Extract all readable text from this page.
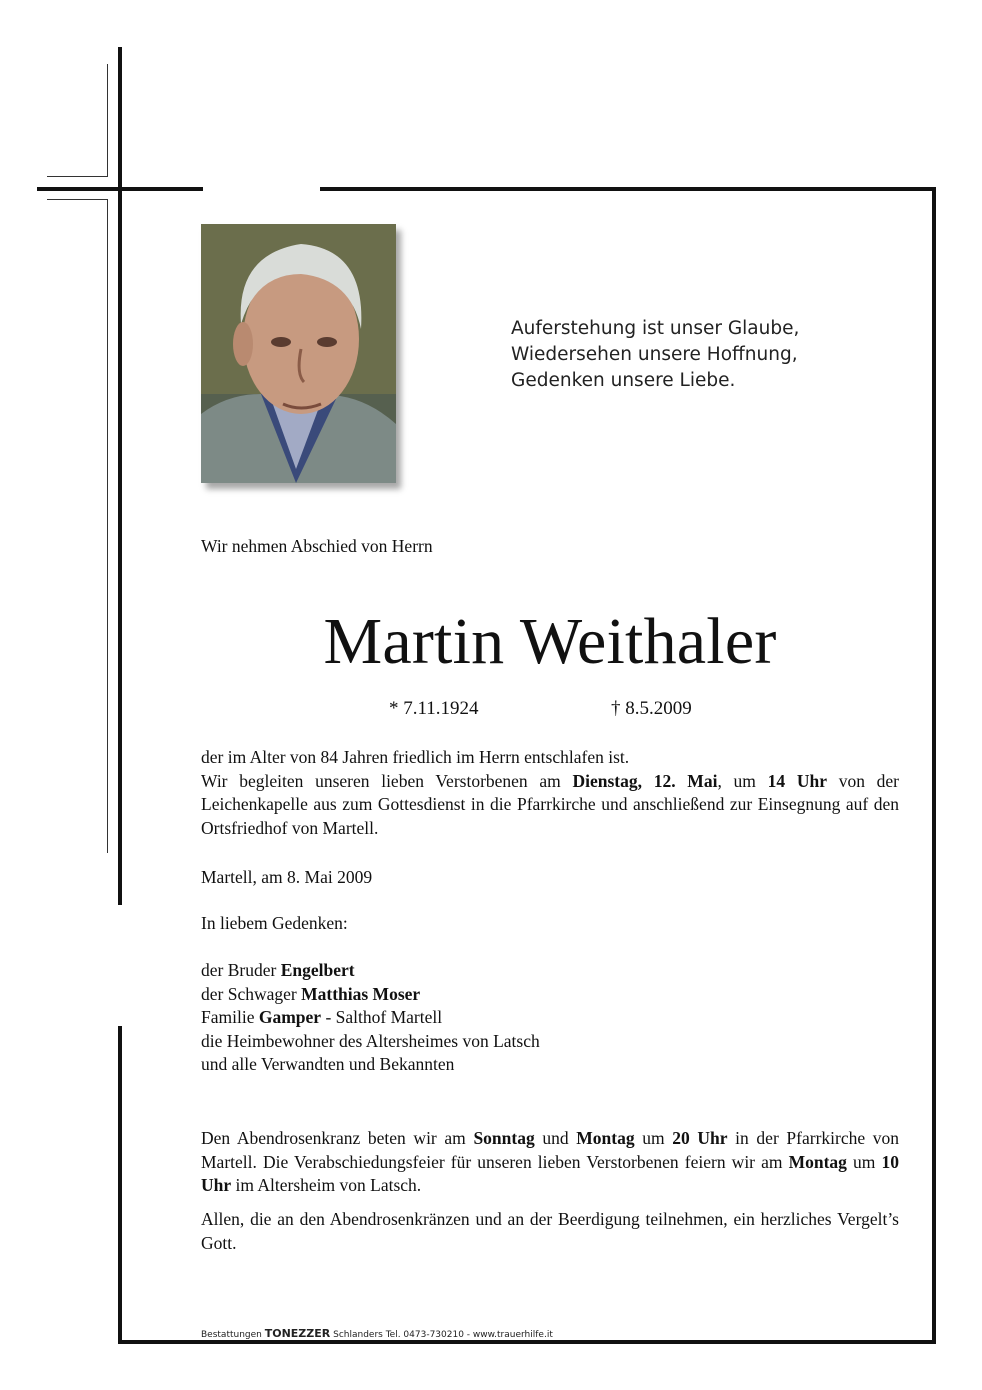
Auferstehung ist unser Glaube,
Wiedersehen unsere Hoffnung,
Gedenken unsere Liebe.
Wir nehmen Abschied von Herrn
Martin Weithaler
* 7.11.1924	† 8.5.2009
der im Alter von 84 Jahren friedlich im Herrn entschlafen ist.
Wir begleiten unseren lieben Verstorbenen am Dienstag, 12. Mai, um 14 Uhr von der Leichenkapelle aus zum Gottesdienst in die Pfarrkirche und anschließend zur Einsegnung auf den Ortsfriedhof von Martell.
Martell, am 8. Mai 2009
In liebem Gedenken:
der Bruder Engelbert
der Schwager Matthias Moser
Familie Gamper - Salthof Martell
die Heimbewohner des Altersheimes von Latsch
und alle Verwandten und Bekannten
Den Abendrosenkranz beten wir am Sonntag und Montag um 20 Uhr in der Pfarrkirche von Martell. Die Verabschiedungsfeier für unseren lieben Verstorbenen feiern wir am Montag um 10 Uhr im Altersheim von Latsch.
Allen, die an den Abendrosenkränzen und an der Beerdigung teilnehmen, ein herzliches Vergelt’s Gott.
Bestattungen TONEZZER Schlanders Tel. 0473-730210 - www.trauerhilfe.it
